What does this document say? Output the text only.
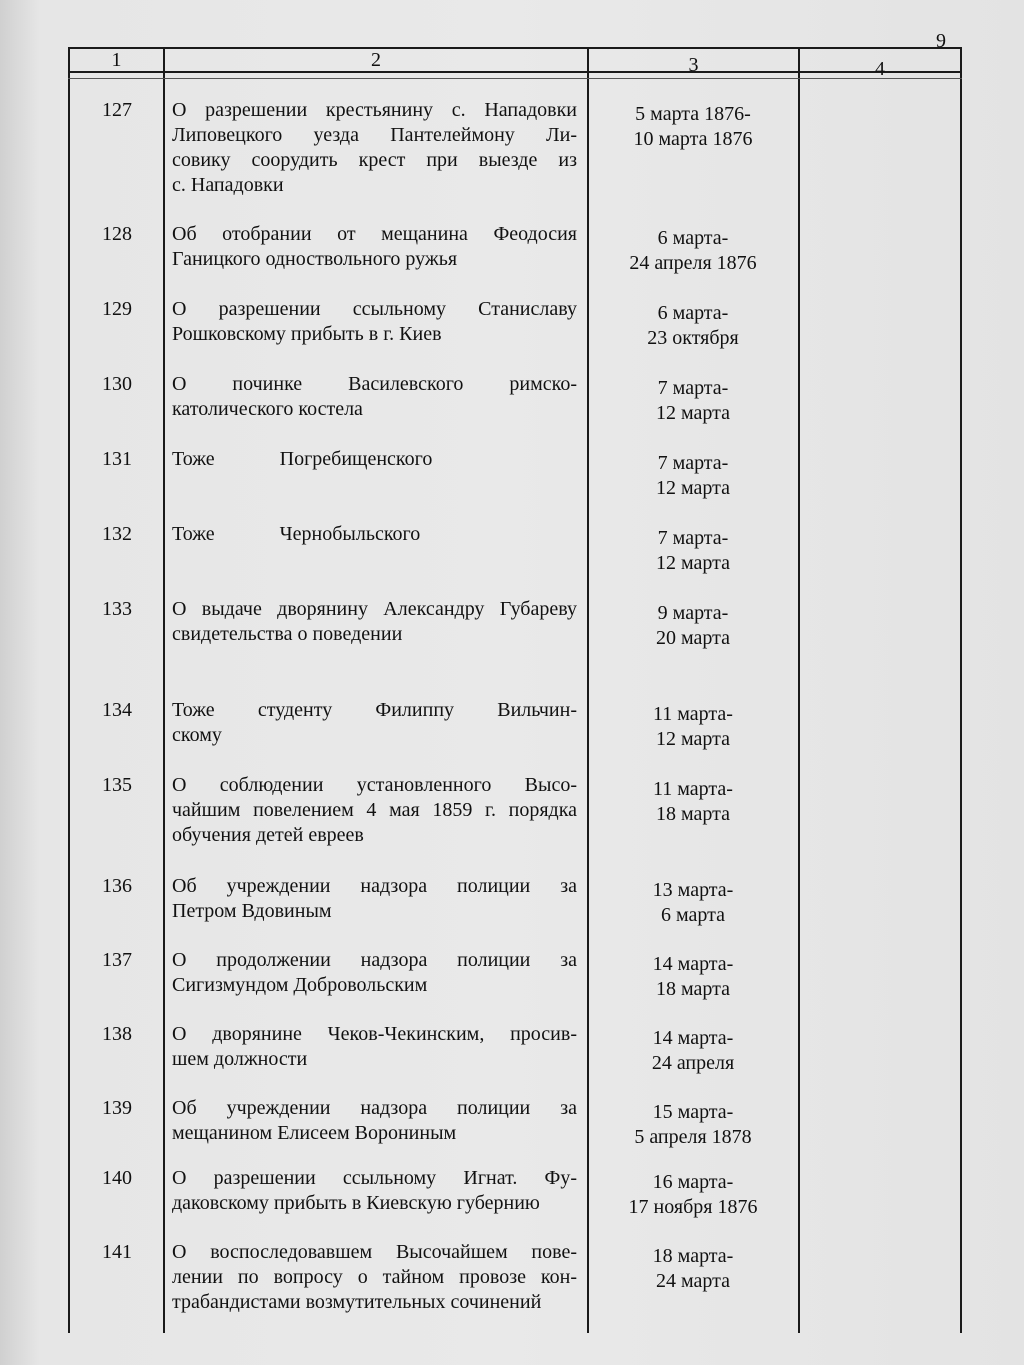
9
1	2	3	4
127	О разрешении крестьянину с. Нападовки
Липовецкого уезда Пантелеймону Ли-
совику соорудить крест при выезде из
с. Нападовки
5 марта 1876-
10 марта 1876
128	Об отобрании от мещанина Феодосия
Ганицкого одноствольного ружья
6 марта-
24 апреля 1876
129	О разрешении ссыльному Станиславу
Рошковскому прибыть в г. Киев
6 марта-
23 октября
130	О починке Василевского римско-
католического костела
7 марта-
12 марта
131	Тоже Погребищенского	7 марта-
12 марта
132	Тоже Чернобыльского	7 марта-
12 марта
133	О выдаче дворянину Александру Губареву
свидетельства о поведении
9 марта-
20 марта
134	Тоже студенту Филиппу Вильчин-
скому
11 марта-
12 марта
135	О соблюдении установленного Высо-
чайшим повелением 4 мая 1859 г. порядка
обучения детей евреев
11 марта-
18 марта
136	Об учреждении надзора полиции за
Петром Вдовиным
13 марта-
6 марта
137	О продолжении надзора полиции за
Сигизмундом Добровольским
14 марта-
18 марта
138	О дворянине Чеков-Чекинским, просив-
шем должности
14 марта-
24 апреля
139	Об учреждении надзора полиции за
мещанином Елисеем Ворониным
15 марта-
5 апреля 1878
140	О разрешении ссыльному Игнат. Фу-
даковскому прибыть в Киевскую губернию
16 марта-
17 ноября 1876
141	О воспоследовавшем Высочайшем пове-
лении по вопросу о тайном провозе кон-
трабандистами возмутительных сочинений
18 марта-
24 марта
